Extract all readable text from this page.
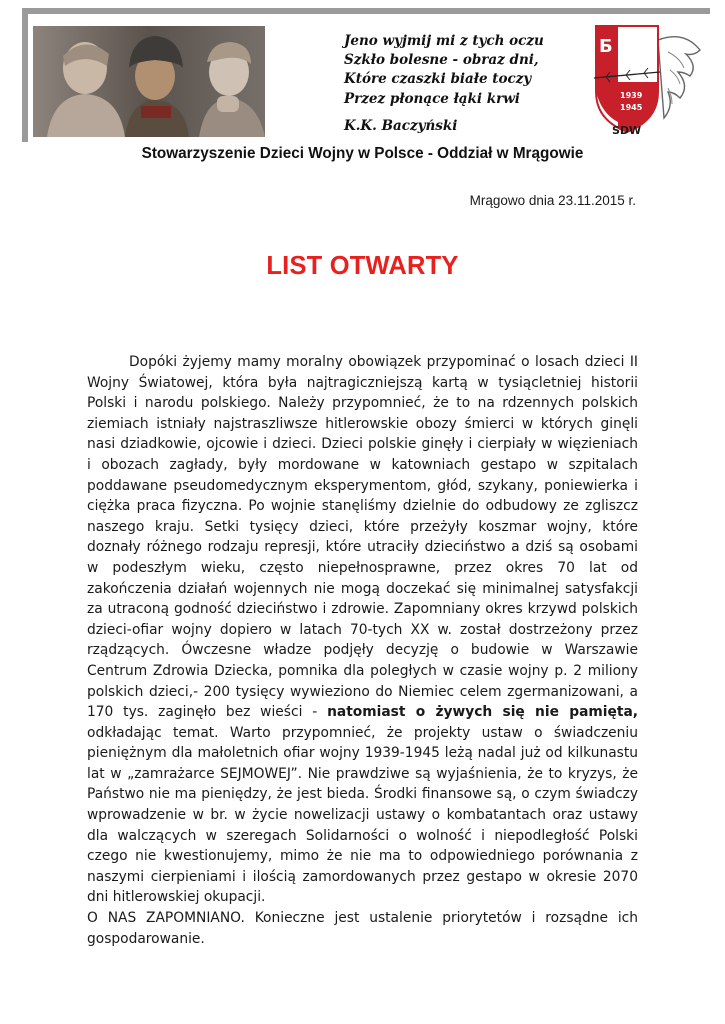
Jeno wyjmij mi z tych oczu
Szkło bolesne - obraz dni,
Które czaszki białe toczy
Przez płonące łąki krwi
K.K. Baczyński
Б
1939
1945
SDW
Stowarzyszenie Dzieci Wojny w Polsce - Oddział w Mrągowie
Mrągowo dnia 23.11.2015 r.
LIST OTWARTY

Dopóki żyjemy mamy moralny obowiązek przypominać o losach dzieci II Wojny Światowej, która była najtragiczniejszą kartą w tysiącletniej historii Polski i narodu polskiego. Należy przypomnieć, że to na rdzennych polskich ziemiach istniały najstraszliwsze hitlerowskie obozy śmierci w których ginęli nasi dziadkowie, ojcowie i dzieci. Dzieci polskie ginęły i cierpiały w więzieniach i obozach zagłady, były mordowane w katowniach gestapo w szpitalach poddawane pseudomedycznym eksperymentom, głód, szykany, poniewierka i ciężka praca fizyczna. Po wojnie stanęliśmy dzielnie do odbudowy ze zgliszcz naszego kraju. Setki tysięcy dzieci, które przeżyły koszmar wojny, które doznały różnego rodzaju represji, które utraciły dzieciństwo a dziś są osobami w podeszłym wieku, często niepełnosprawne, przez okres 70 lat od zakończenia działań wojennych nie mogą doczekać się minimalnej satysfakcji za utraconą godność dzieciństwo i zdrowie. Zapomniany okres krzywd polskich dzieci-ofiar wojny dopiero w latach 70-tych XX w. został dostrzeżony przez rządzących. Ówczesne władze podjęły decyzję o budowie w Warszawie Centrum Zdrowia Dziecka, pomnika dla poległych w czasie wojny p. 2 miliony polskich dzieci,- 200 tysięcy wywieziono do Niemiec celem zgermanizowani, a 170 tys. zaginęło bez wieści - natomiast o żywych się nie pamięta, odkładając temat. Warto przypomnieć, że projekty ustaw o świadczeniu pieniężnym dla małoletnich ofiar wojny 1939-1945 leżą nadal już od kilkunastu lat w „zamrażarce SEJMOWEJ”. Nie prawdziwe są wyjaśnienia, że to kryzys, że Państwo nie ma pieniędzy, że jest bieda. Środki finansowe są, o czym świadczy wprowadzenie w br. w życie nowelizacji ustawy o kombatantach oraz ustawy dla walczących w szeregach Solidarności o wolność i niepodległość Polski czego nie kwestionujemy, mimo że nie ma to odpowiedniego porównania z naszymi cierpieniami i ilością zamordowanych przez gestapo w okresie 2070 dni hitlerowskiej okupacji.

O NAS ZAPOMNIANO. Konieczne jest ustalenie priorytetów i rozsądne ich gospodarowanie.
